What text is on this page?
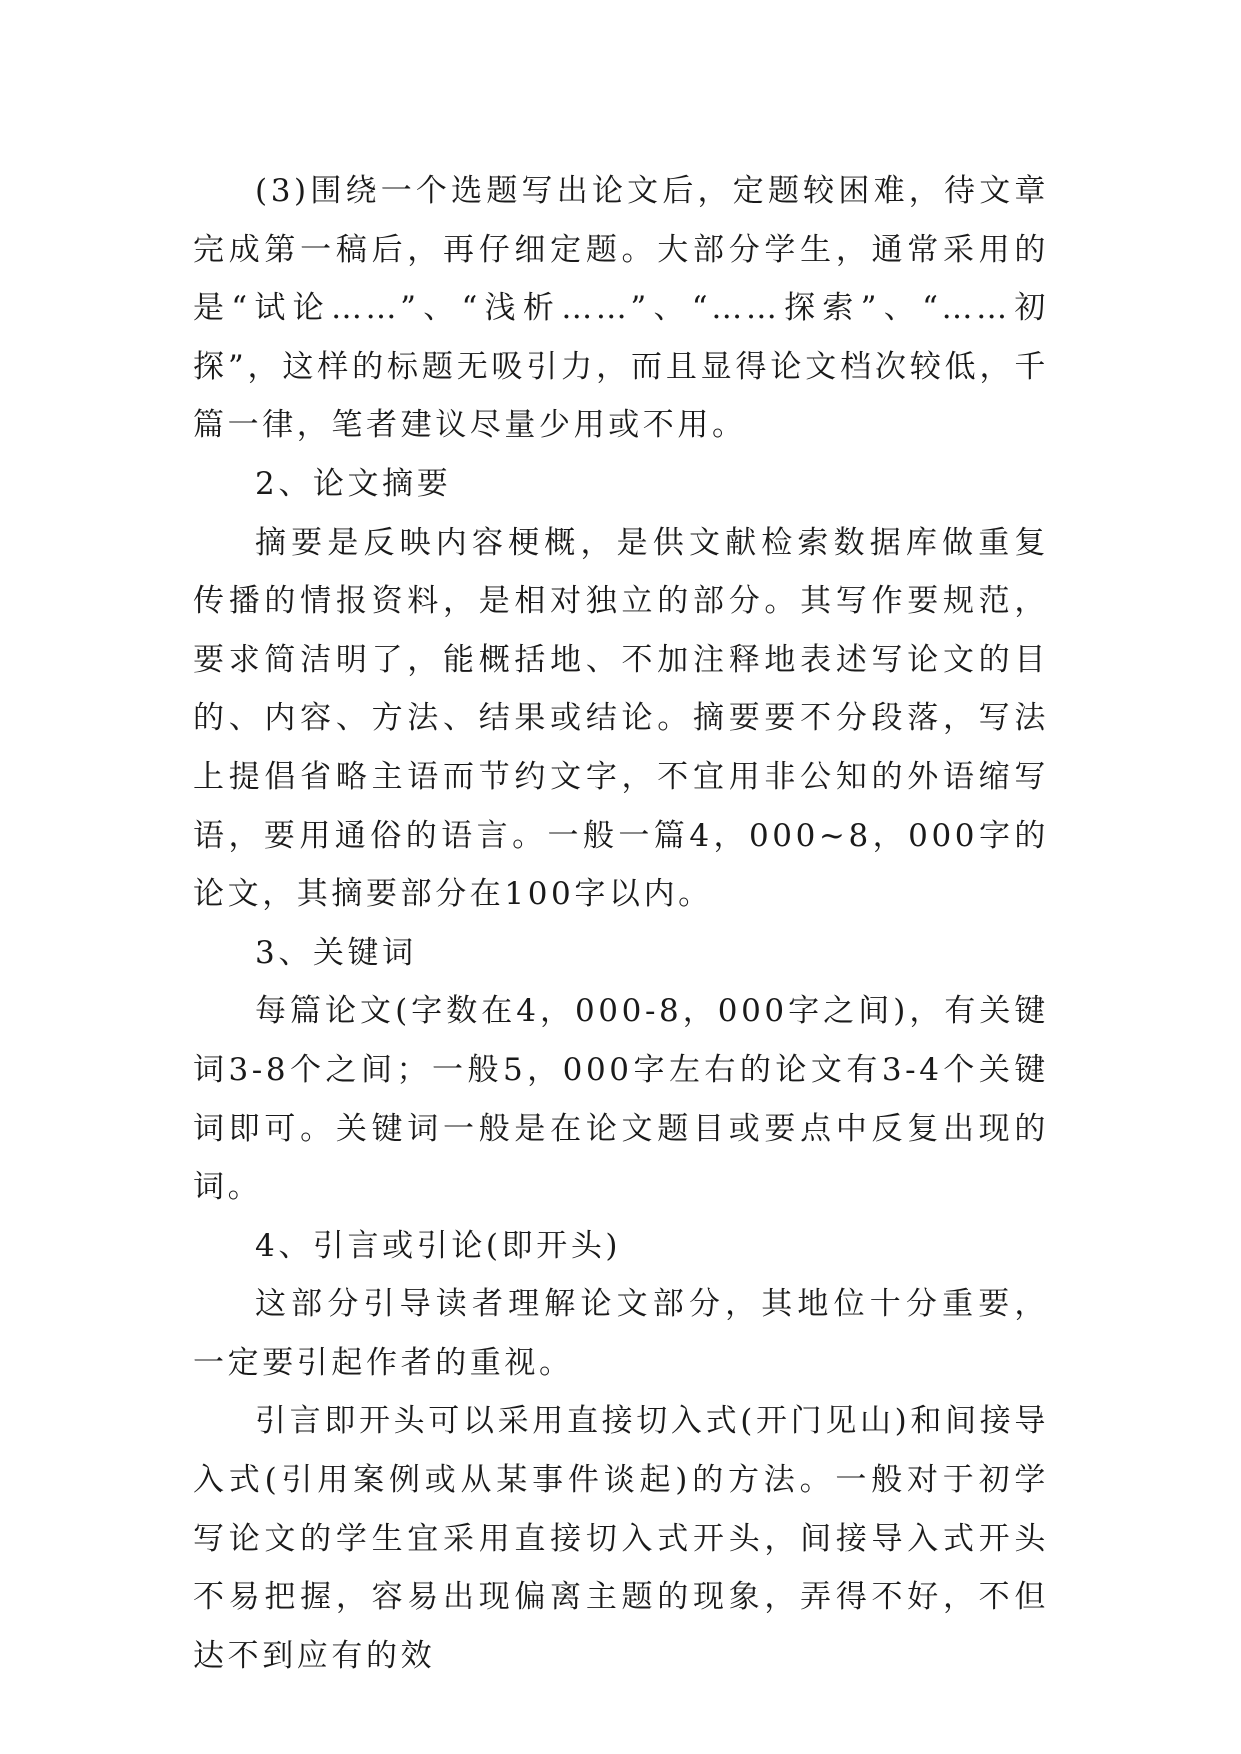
(3)围绕一个选题写出论文后，定题较困难，待文章完成第一稿后，再仔细定题。大部分学生，通常采用的是“试论……”、“浅析……”、“……探索”、“……初探”，这样的标题无吸引力，而且显得论文档次较低，千篇一律，笔者建议尽量少用或不用。

2、论文摘要

摘要是反映内容梗概，是供文献检索数据库做重复传播的情报资料，是相对独立的部分。其写作要规范，要求简洁明了，能概括地、不加注释地表述写论文的目的、内容、方法、结果或结论。摘要要不分段落，写法上提倡省略主语而节约文字，不宜用非公知的外语缩写语，要用通俗的语言。一般一篇4，000~8，000字的论文，其摘要部分在100字以内。

3、关键词

每篇论文(字数在4，000-8，000字之间)，有关键词3-8个之间；一般5，000字左右的论文有3-4个关键词即可。关键词一般是在论文题目或要点中反复出现的词。

4、引言或引论(即开头)

这部分引导读者理解论文部分，其地位十分重要，一定要引起作者的重视。

引言即开头可以采用直接切入式(开门见山)和间接导入式(引用案例或从某事件谈起)的方法。一般对于初学写论文的学生宜采用直接切入式开头，间接导入式开头不易把握，容易出现偏离主题的现象，弄得不好，不但达不到应有的效
